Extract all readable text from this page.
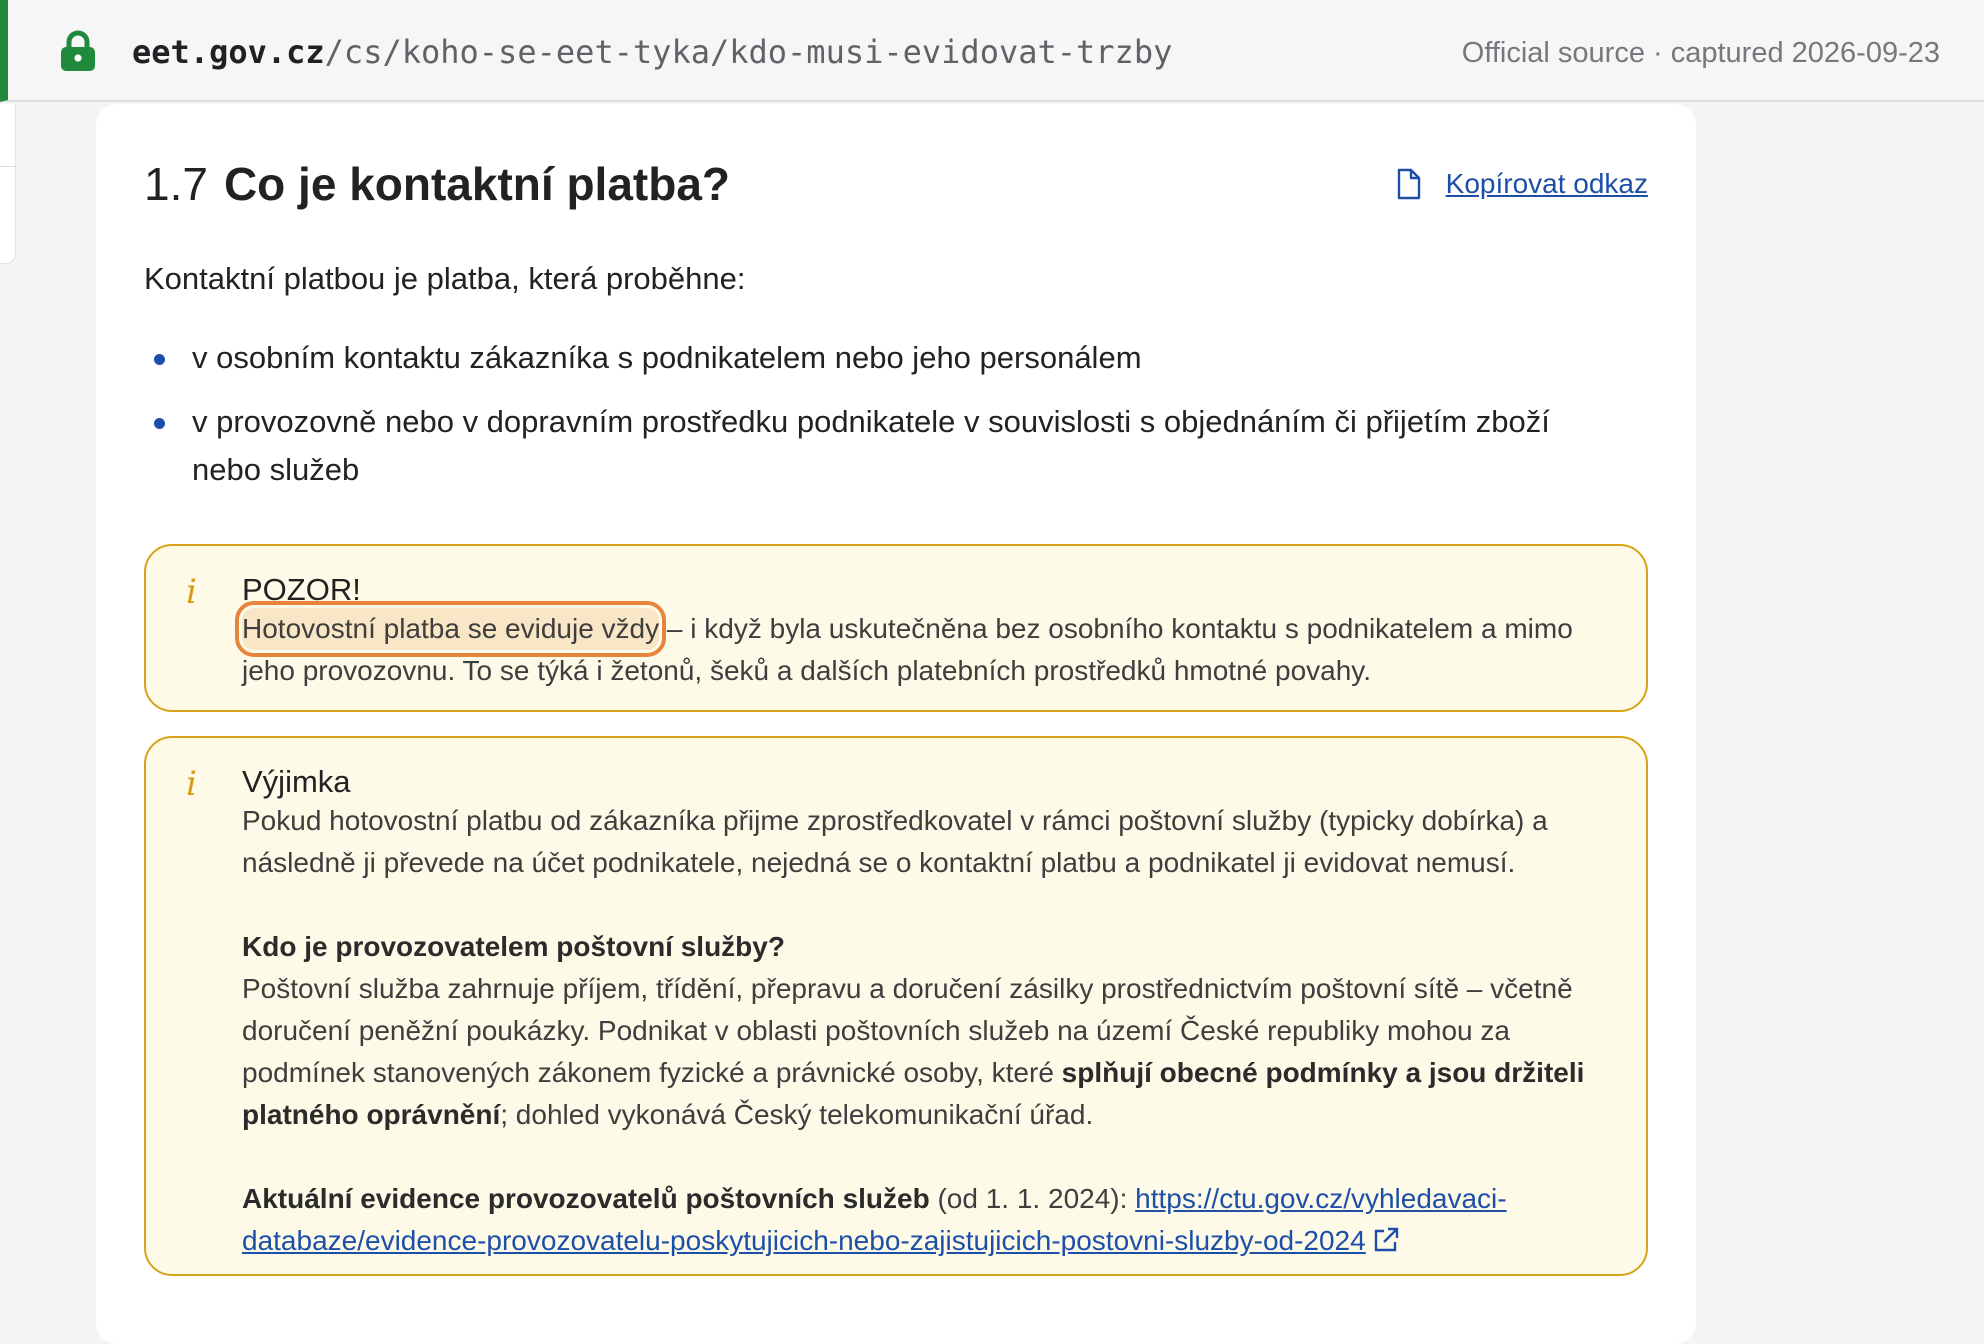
eet.gov.cz/cs/koho-se-eet-tyka/kdo-musi-evidovat-trzby	Official source · captured 2026-09-23
1.7 Co je kontaktní platba?	Kopírovat odkaz

Kontaktní platbou je platba, která proběhne:

v osobním kontaktu zákazníka s podnikatelem nebo jeho personálem
v provozovně nebo v dopravním prostředku podnikatele v souvislosti s objednáním či přijetím zboží nebo služeb
i POZOR!
Hotovostní platba se eviduje vždy – i když byla uskutečněna bez osobního kontaktu s podnikatelem a mimo jeho provozovnu. To se týká i žetonů, šeků a dalších platebních prostředků hmotné povahy.
i Výjimka

Pokud hotovostní platbu od zákazníka přijme zprostředkovatel v rámci poštovní služby (typicky dobírka) a následně ji převede na účet podnikatele, nejedná se o kontaktní platbu a podnikatel ji evidovat nemusí.

Kdo je provozovatelem poštovní služby?
Poštovní služba zahrnuje příjem, třídění, přepravu a doručení zásilky prostřednictvím poštovní sítě – včetně doručení peněžní poukázky. Podnikat v oblasti poštovních služeb na území České republiky mohou za podmínek stanovených zákonem fyzické a právnické osoby, které splňují obecné podmínky a jsou držiteli platného oprávnění; dohled vykonává Český telekomunikační úřad.

Aktuální evidence provozovatelů poštovních služeb (od 1. 1. 2024): https://ctu.gov.cz/vyhledavaci-databaze/evidence-provozovatelu-poskytujicich-nebo-zajistujicich-postovni-sluzby-od-2024
